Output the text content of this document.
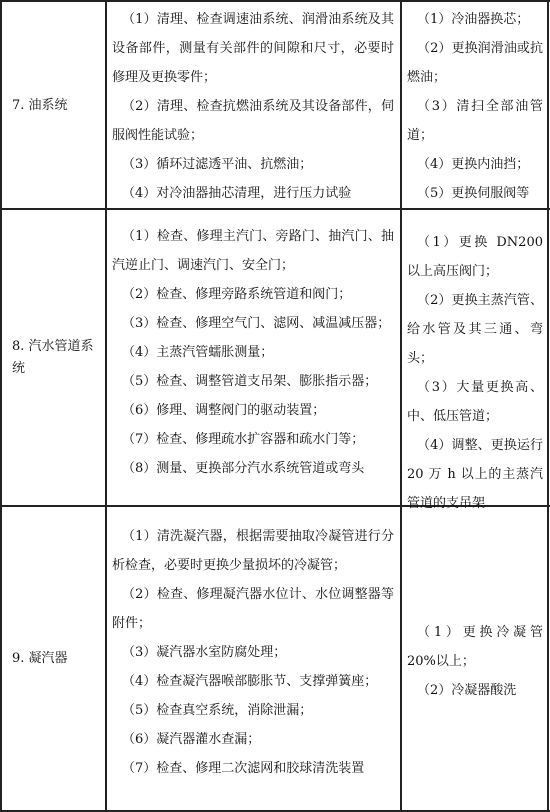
7. 油系统

（1）清理、检查调速油系统、润滑油系统及其设备部件，测量有关部件的间隙和尺寸，必要时修理及更换零件；

（2）清理、检查抗燃油系统及其设备部件，伺服阀性能试验；

（3）循环过滤透平油、抗燃油；

（4）对冷油器抽芯清理，进行压力试验

（1）冷油器换芯；

（2）更换润滑油或抗燃油；

（3）清扫全部油管道；

（4）更换内油挡；

（5）更换伺服阀等

8. 汽水管道系统

（1）检查、修理主汽门、旁路门、抽汽门、抽汽逆止门、调速汽门、安全门；

（2）检查、修理旁路系统管道和阀门；

（3）检查、修理空气门、滤网、减温减压器；

（4）主蒸汽管蠕胀测量；

（5）检查、调整管道支吊架、膨胀指示器；

（6）修理、调整阀门的驱动装置；

（7）检查、修理疏水扩容器和疏水门等；

（8）测量、更换部分汽水系统管道或弯头

（1）更换 DN200 以上高压阀门；

（2）更换主蒸汽管、给水管及其三通、弯头；

（3）大量更换高、中、低压管道；

（4）调整、更换运行 20 万 h 以上的主蒸汽管道的支吊架

9. 凝汽器

（1）清洗凝汽器，根据需要抽取冷凝管进行分析检查，必要时更换少量损坏的冷凝管；

（2）检查、修理凝汽器水位计、水位调整器等附件；

（3）凝汽器水室防腐处理；

（4）检查凝汽器喉部膨胀节、支撑弹簧座；

（5）检查真空系统，消除泄漏；

（6）凝汽器灌水查漏；

（7）检查、修理二次滤网和胶球清洗装置

（1）更换冷凝管 20%以上；

（2）冷凝器酸洗
